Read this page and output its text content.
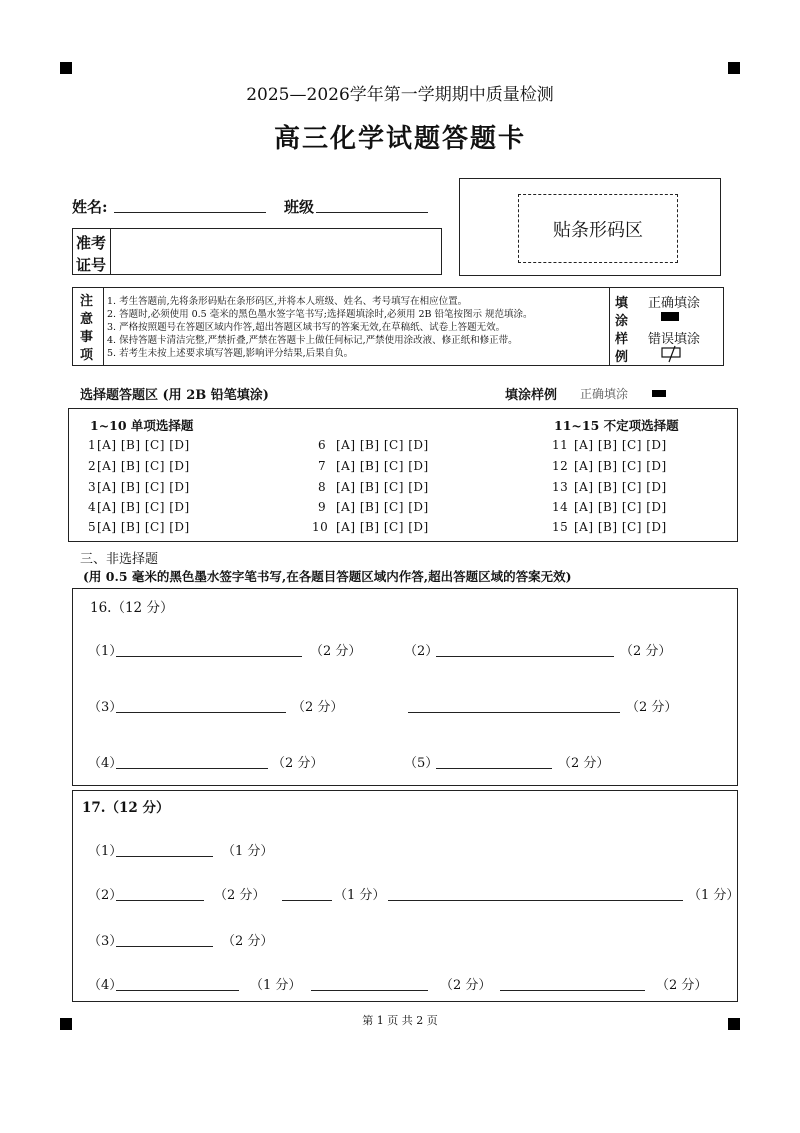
2025—2026学年第一学期期中质量检测
高三化学试题答题卡
姓名:	班级
准考
证号
贴条形码区
注
意
事
项
1. 考生答题前,先将条形码贴在条形码区,并将本人班级、姓名、考号填写在相应位置。
2. 答题时,必须使用 0.5 毫米的黑色墨水签字笔书写;选择题填涂时,必须用 2B 铅笔按图示 规范填涂。
3. 严格按照题号在答题区域内作答,超出答题区域书写的答案无效,在草稿纸、试卷上答题无效。
4. 保持答题卡清洁完整,严禁折叠,严禁在答题卡上做任何标记,严禁使用涂改液、修正纸和修正带。
5. 若考生未按上述要求填写答题,影响评分结果,后果自负。
填
涂
样
例
正确填涂
错误填涂
选择题答题区 (用 2B 铅笔填涂)	填涂样例 正确填涂
1~10 单项选择题	11~15 不定项选择题
1 [A] [B] [C] [D]
2 [A] [B] [C] [D]
3 [A] [B] [C] [D]
4 [A] [B] [C] [D]
5 [A] [B] [C] [D]
6 [A] [B] [C] [D]
7 [A] [B] [C] [D]
8 [A] [B] [C] [D]
9 [A] [B] [C] [D]
10 [A] [B] [C] [D]
11 [A] [B] [C] [D]
12 [A] [B] [C] [D]
13 [A] [B] [C] [D]
14 [A] [B] [C] [D]
15 [A] [B] [C] [D]
三、非选择题
(用 0.5 毫米的黑色墨水签字笔书写,在各题目答题区域内作答,超出答题区域的答案无效)
16.（12 分）
（1）	（2 分）	（2）	（2 分）
（3）	（2 分）	（2 分）
（4）	（2 分）	（5）	（2 分）
17.（12 分）
（1）	（1 分）
（2）	（2 分）	（1 分）	（1 分）
（3）	（2 分）
（4）	（1 分）	（2 分）	（2 分）
第 1 页 共 2 页
